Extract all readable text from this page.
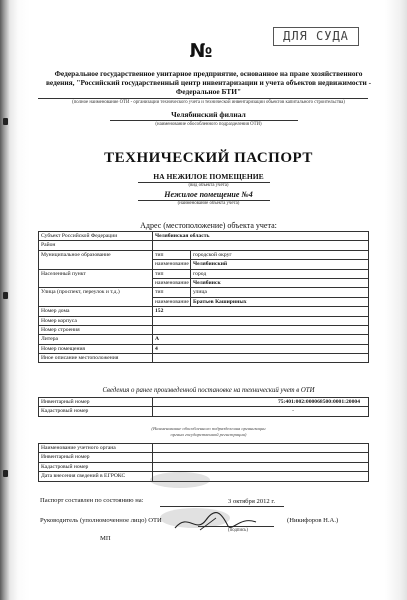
ДЛЯ СУДА
№
Федеральное государственное унитарное предприятие, основанное на праве хозяйственного
ведения, "Российский государственный центр инвентаризации и учета объектов недвижимости -
Федеральное БТИ"
(полное наименование ОТИ - организации технического учета и технической инвентаризации объектов капитального строительства)
Челябинский филиал
(наименование обособленного подразделения ОТИ)
ТЕХНИЧЕСКИЙ ПАСПОРТ
НА НЕЖИЛОЕ ПОМЕЩЕНИЕ
(вид объекта учета)
Нежилое помещение №4
(наименование объекта учета)
Адрес (местоположение) объекта учета:
Субъект Российской Федерации	Челябинская область	
Район		
Муниципальное образование	тип	городской округ
	наименование	Челябинский
Населенный пункт	тип	город
	наименование	Челябинск
Улица (проспект, переулок и т.д.)	тип	улица
	наименование	Братьев Кашириных
Номер дома	152	
Номер корпуса		
Номер строения		
Литера	А	
Номер помещения	4	
Иное описание местоположения		
Сведения о ранее произведенной постановке на технический учет в ОТИ
Инвентарный номер	75:401:002:000068500:0001:20004
Кадастровый номер	-
(Наименование обособленного подразделения организации
органа государственной регистрации)
Наименование учетного органа	
Инвентарный номер	
Кадастровый номер	
Дата внесения сведений в ЕГРОКС	
Паспорт составлен по состоянию на:	3 октября 2012 г.
Руководитель (уполномоченное лицо) ОТИ
(подпись)
(Никифоров Н.А.)
МП
